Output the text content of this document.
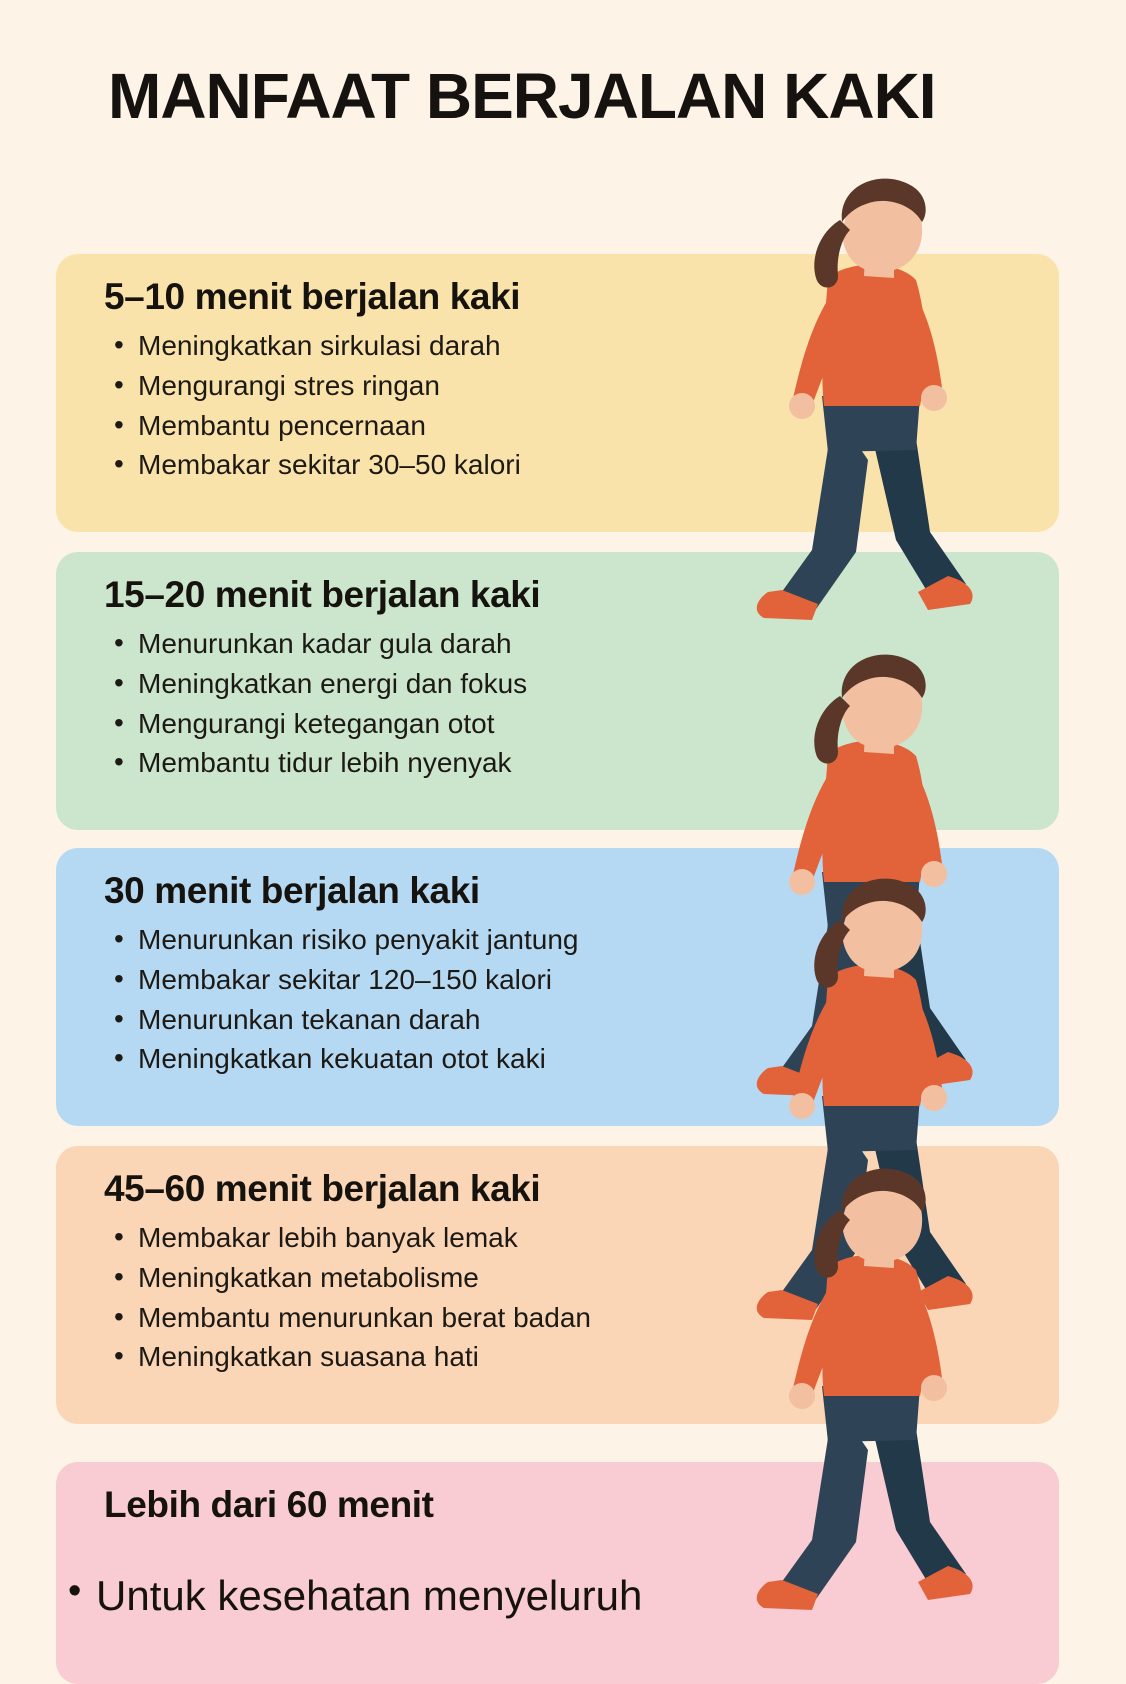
MANFAAT BERJALAN KAKI
5–10 menit berjalan kaki
• Meningkatkan sirkulasi darah
• Mengurangi stres ringan
• Membantu pencernaan
• Membakar sekitar 30–50 kalori
15–20 menit berjalan kaki
• Menurunkan kadar gula darah
• Meningkatkan energi dan fokus
• Mengurangi ketegangan otot
• Membantu tidur lebih nyenyak
30 menit berjalan kaki
• Menurunkan risiko penyakit jantung
• Membakar sekitar 120–150 kalori
• Menurunkan tekanan darah
• Meningkatkan kekuatan otot kaki
45–60 menit berjalan kaki
• Membakar lebih banyak lemak
• Meningkatkan metabolisme
• Membantu menurunkan berat badan
• Meningkatkan suasana hati
Lebih dari 60 menit
• Untuk kesehatan menyeluruh
